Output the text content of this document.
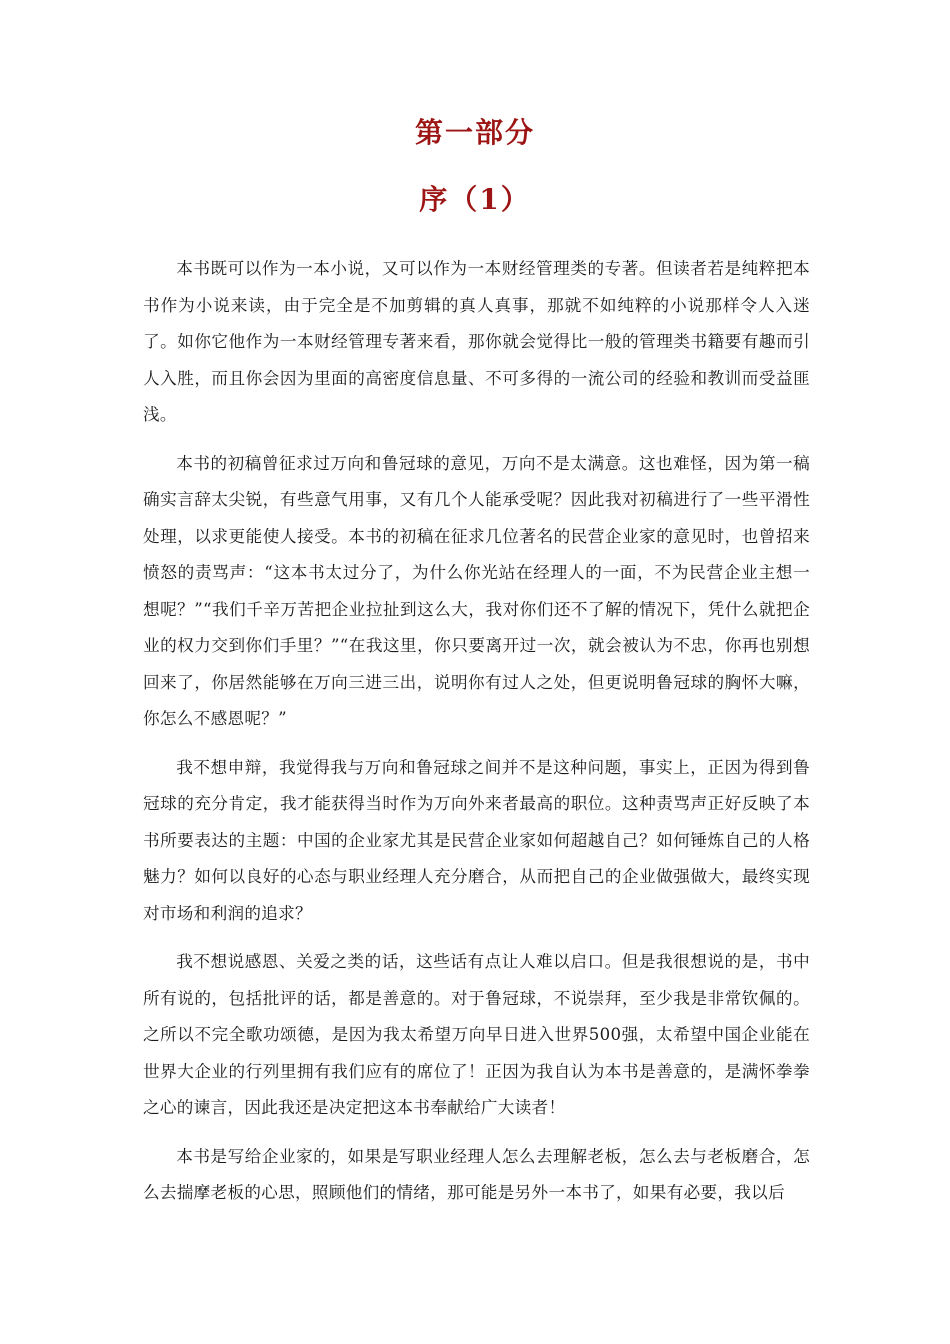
第一部分
序（1）

本书既可以作为一本小说，又可以作为一本财经管理类的专著。但读者若是纯粹把本书作为小说来读，由于完全是不加剪辑的真人真事，那就不如纯粹的小说那样令人入迷了。如你它他作为一本财经管理专著来看，那你就会觉得比一般的管理类书籍要有趣而引人入胜，而且你会因为里面的高密度信息量、不可多得的一流公司的经验和教训而受益匪浅。

本书的初稿曾征求过万向和鲁冠球的意见，万向不是太满意。这也难怪，因为第一稿确实言辞太尖锐，有些意气用事，又有几个人能承受呢？因此我对初稿进行了一些平滑性处理，以求更能使人接受。本书的初稿在征求几位著名的民营企业家的意见时，也曾招来愤怒的责骂声：“这本书太过分了，为什么你光站在经理人的一面，不为民营企业主想一想呢？”“我们千辛万苦把企业拉扯到这么大，我对你们还不了解的情况下，凭什么就把企业的权力交到你们手里？”“在我这里，你只要离开过一次，就会被认为不忠，你再也别想回来了，你居然能够在万向三进三出，说明你有过人之处，但更说明鲁冠球的胸怀大嘛，你怎么不感恩呢？”

我不想申辩，我觉得我与万向和鲁冠球之间并不是这种问题，事实上，正因为得到鲁冠球的充分肯定，我才能获得当时作为万向外来者最高的职位。这种责骂声正好反映了本书所要表达的主题：中国的企业家尤其是民营企业家如何超越自己？如何锤炼自己的人格魅力？如何以良好的心态与职业经理人充分磨合，从而把自己的企业做强做大，最终实现对市场和利润的追求？

我不想说感恩、关爱之类的话，这些话有点让人难以启口。但是我很想说的是，书中所有说的，包括批评的话，都是善意的。对于鲁冠球，不说崇拜，至少我是非常钦佩的。之所以不完全歌功颂德，是因为我太希望万向早日进入世界500强，太希望中国企业能在世界大企业的行列里拥有我们应有的席位了！正因为我自认为本书是善意的，是满怀拳拳之心的谏言，因此我还是决定把这本书奉献给广大读者！

本书是写给企业家的，如果是写职业经理人怎么去理解老板，怎么去与老板磨合，怎么去揣摩老板的心思，照顾他们的情绪，那可能是另外一本书了，如果有必要，我以后
